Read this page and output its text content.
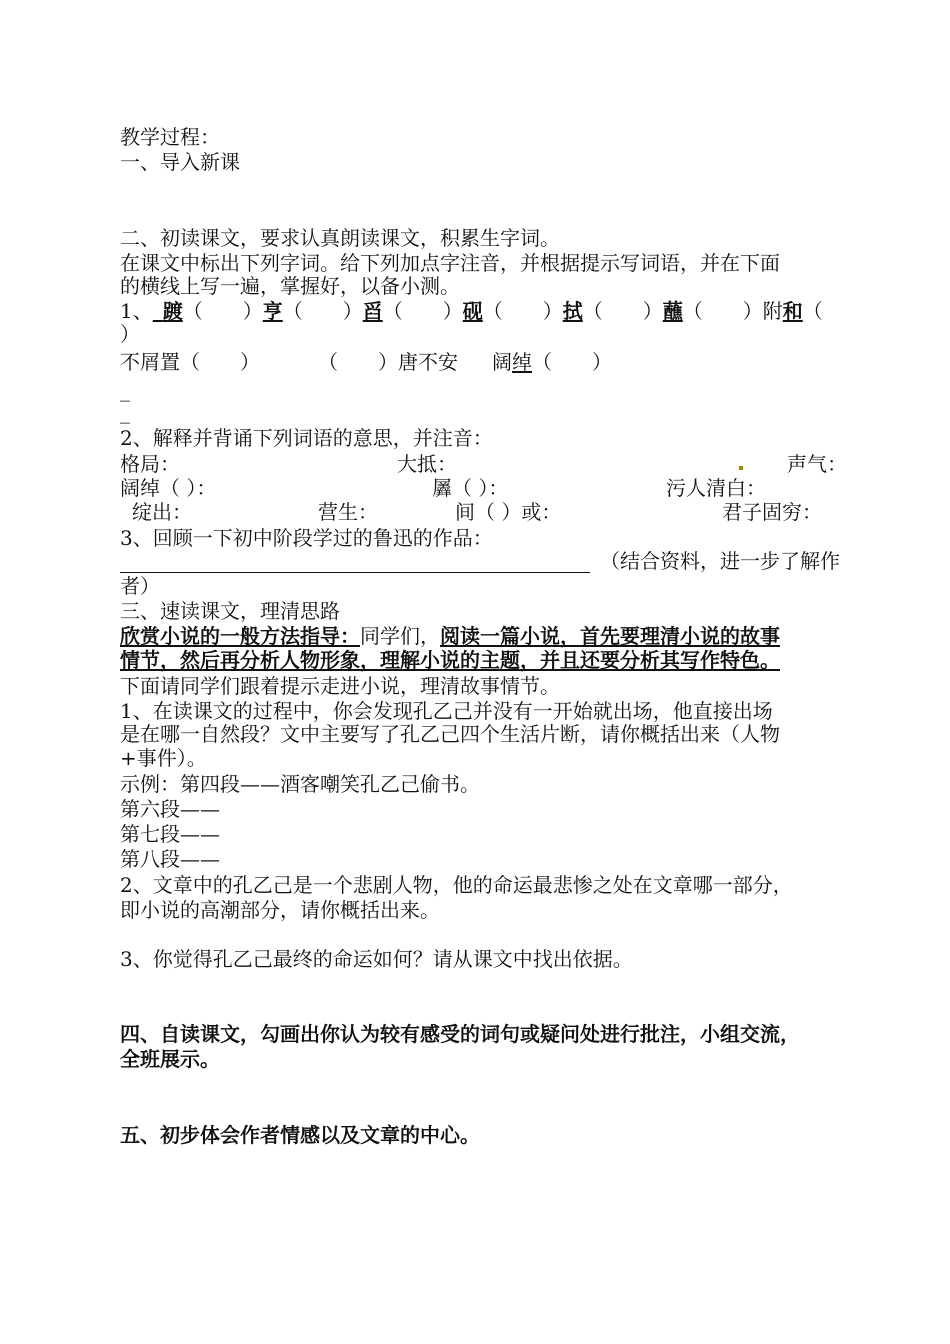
教学过程：
一、导入新课
二、初读课文，要求认真朗读课文，积累生字词。
在课文中标出下列字词。给下列加点字注音，并根据提示写词语，并在下面
的横线上写一遍，掌握好，以备小测。
1、  踱（　　）亨（　　）舀（　　）砚（　　）拭（　　）蘸（　　）附和（
）
不屑置（　　）	（　　）唐不安 阔绰（　　）
_
_
2、解释并背诵下列词语的意思，并注音：
格局：	大抵：	声气：
阔绰（ ）：	羼（ ）：	污人清白：
绽出：	营生：	间（ ）或：	君子固穷：
3、回顾一下初中阶段学过的鲁迅的作品：
（结合资料，进一步了解作
者）
三、速读课文，理清思路
欣赏小说的一般方法指导：同学们，阅读一篇小说，首先要理清小说的故事
情节，然后再分析人物形象，理解小说的主题，并且还要分析其写作特色。
下面请同学们跟着提示走进小说，理清故事情节。
1、在读课文的过程中，你会发现孔乙己并没有一开始就出场，他直接出场
是在哪一自然段？文中主要写了孔乙己四个生活片断，请你概括出来（人物
+事件）。
示例：第四段——酒客嘲笑孔乙己偷书。
第六段——
第七段——
第八段——
2、文章中的孔乙己是一个悲剧人物，他的命运最悲惨之处在文章哪一部分，
即小说的高潮部分，请你概括出来。
3、你觉得孔乙己最终的命运如何？请从课文中找出依据。
四、自读课文，勾画出你认为较有感受的词句或疑问处进行批注，小组交流，
全班展示。
五、初步体会作者情感以及文章的中心。
